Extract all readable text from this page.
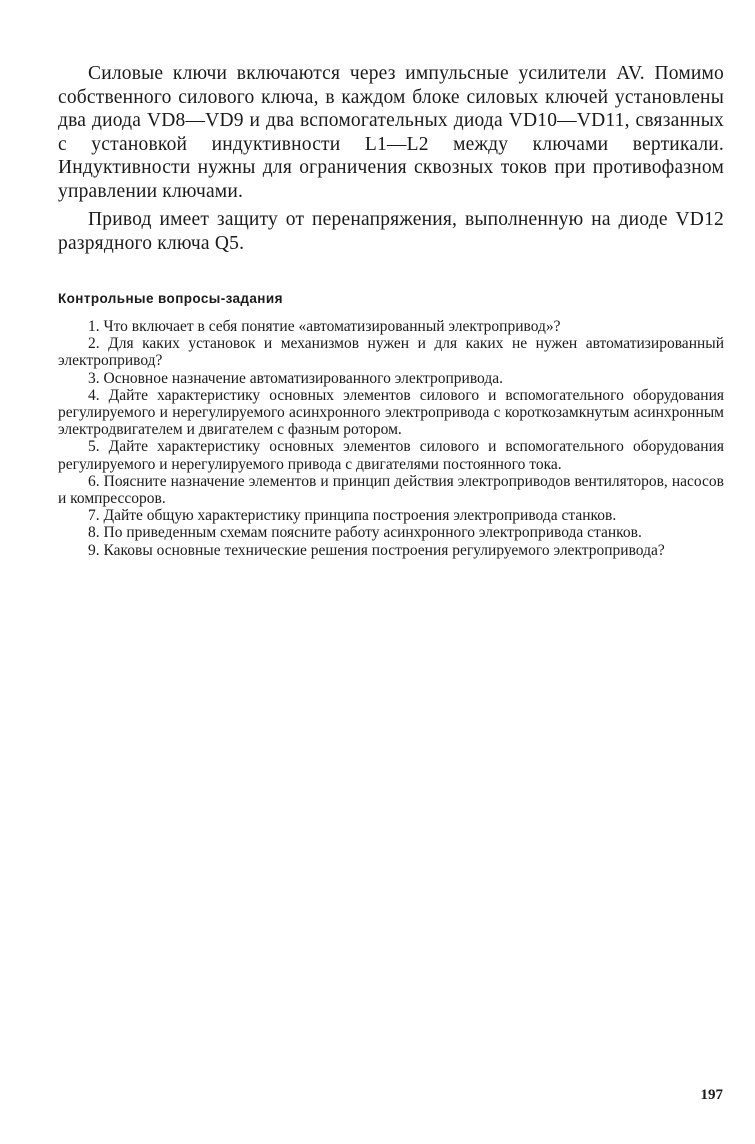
Силовые ключи включаются через импульсные усилители AV. Помимо собственного силового ключа, в каждом блоке силовых ключей установлены два диода VD8—VD9 и два вспомогательных диода VD10—VD11, связанных с установкой индуктивности L1—L2 между ключами вертикали. Индуктивности нужны для ограничения сквозных токов при противофазном управлении ключами.

Привод имеет защиту от перенапряжения, выполненную на диоде VD12 разрядного ключа Q5.

Контрольные вопросы-задания
1. Что включает в себя понятие «автоматизированный электропривод»?
2. Для каких установок и механизмов нужен и для каких не нужен автоматизированный электропривод?
3. Основное назначение автоматизированного электропривода.
4. Дайте характеристику основных элементов силового и вспомогательного оборудования регулируемого и нерегулируемого асинхронного электропривода с короткозамкнутым асинхронным электродвигателем и двигателем с фазным ротором.
5. Дайте характеристику основных элементов силового и вспомогательного оборудования регулируемого и нерегулируемого привода с двигателями постоянного тока.
6. Поясните назначение элементов и принцип действия электроприводов вентиляторов, насосов и компрессоров.
7. Дайте общую характеристику принципа построения электропривода станков.
8. По приведенным схемам поясните работу асинхронного электропривода станков.
9. Каковы основные технические решения построения регулируемого электропривода?
197
